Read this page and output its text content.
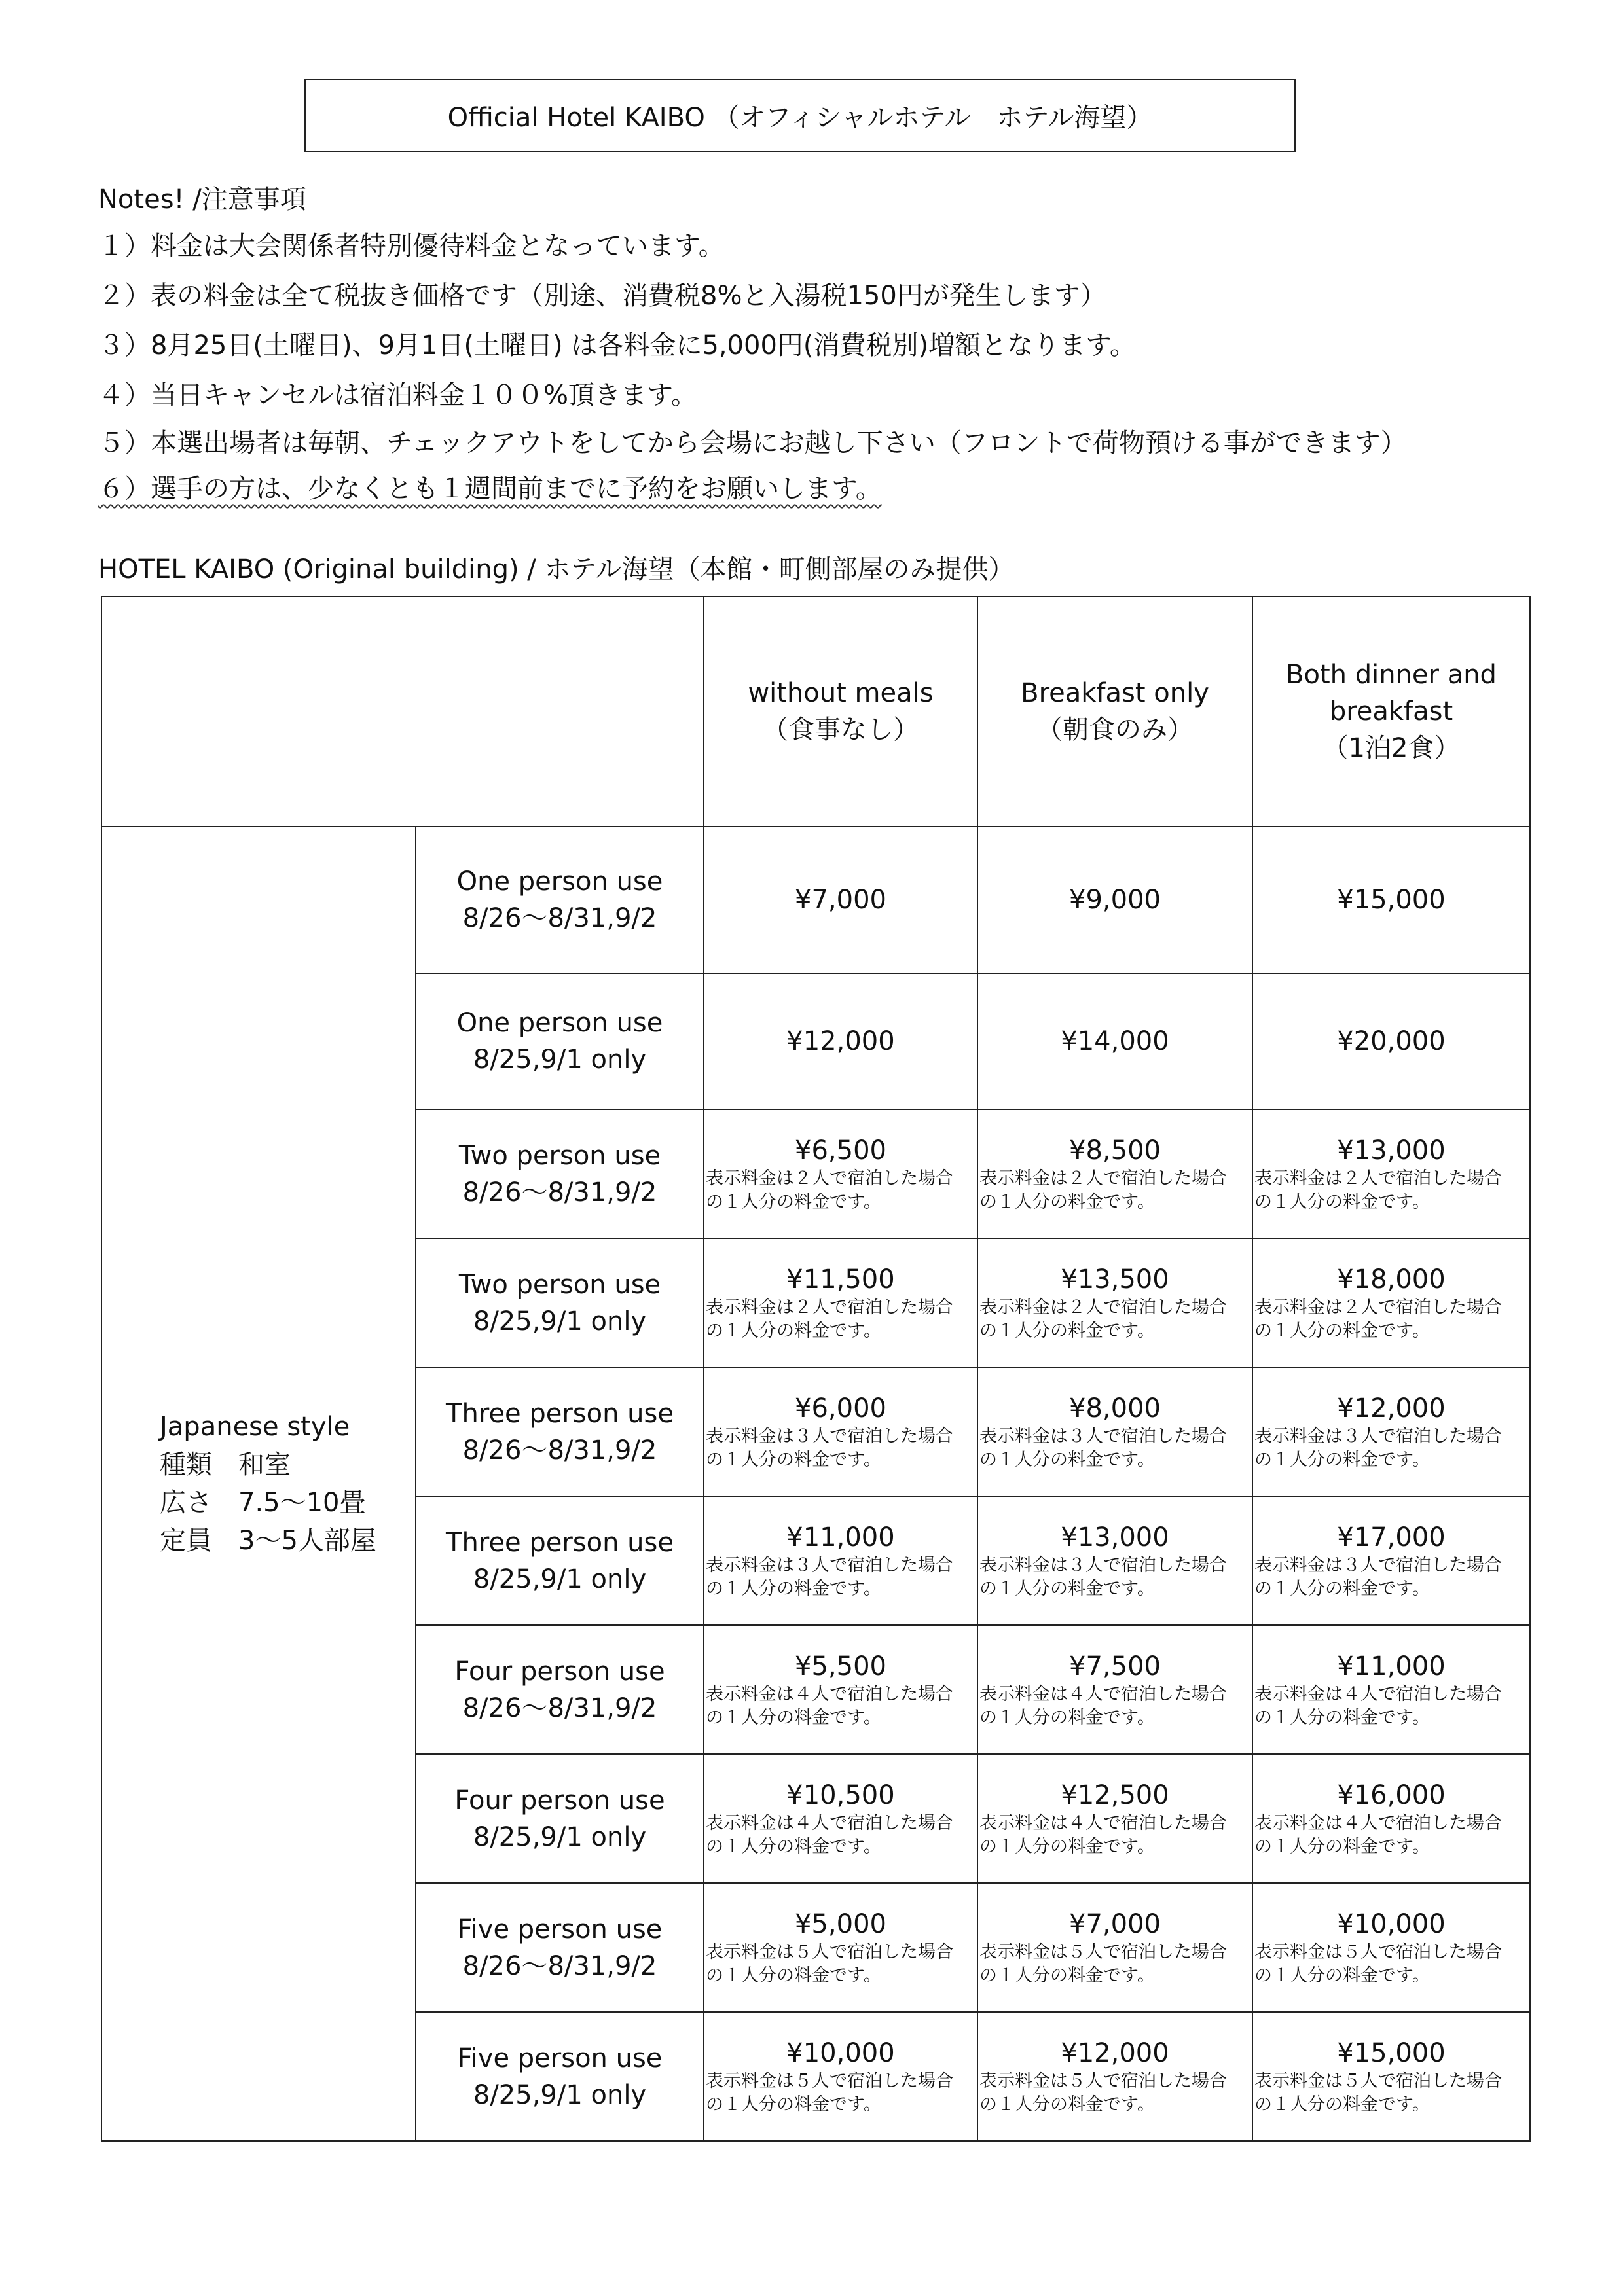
Official Hotel KAIBO （オフィシャルホテル　ホテル海望）
Notes! /注意事項
１）料金は大会関係者特別優待料金となっています。
２）表の料金は全て税抜き価格です（別途、消費税8%と入湯税150円が発生します）
３）8月25日(土曜日)、9月1日(土曜日) は各料金に5,000円(消費税別)増額となります。
４）当日キャンセルは宿泊料金１００%頂きます。
５）本選出場者は毎朝、チェックアウトをしてから会場にお越し下さい（フロントで荷物預ける事ができます）
６）選手の方は、少なくとも１週間前までに予約をお願いします。
HOTEL KAIBO (Original building) / ホテル海望（本館・町側部屋のみ提供）

		without meals
（食事なし）	Breakfast only
（朝食のみ）	Both dinner and
breakfast
（1泊2食）

Japanese style
種類　和室
広さ　7.5〜10畳
定員　3〜5人部屋	One person use
8/26〜8/31,9/2	¥7,000	¥9,000	¥15,000

	One person use
8/25,9/1 only	¥12,000	¥14,000	¥20,000

	Two person use
8/26〜8/31,9/2	¥6,500
表示料金は２人で宿泊した場合
の１人分の料金です。	¥8,500
表示料金は２人で宿泊した場合
の１人分の料金です。	¥13,000
表示料金は２人で宿泊した場合
の１人分の料金です。

	Two person use
8/25,9/1 only	¥11,500
表示料金は２人で宿泊した場合
の１人分の料金です。	¥13,500
表示料金は２人で宿泊した場合
の１人分の料金です。	¥18,000
表示料金は２人で宿泊した場合
の１人分の料金です。

	Three person use
8/26〜8/31,9/2	¥6,000
表示料金は３人で宿泊した場合
の１人分の料金です。	¥8,000
表示料金は３人で宿泊した場合
の１人分の料金です。	¥12,000
表示料金は３人で宿泊した場合
の１人分の料金です。

	Three person use
8/25,9/1 only	¥11,000
表示料金は３人で宿泊した場合
の１人分の料金です。	¥13,000
表示料金は３人で宿泊した場合
の１人分の料金です。	¥17,000
表示料金は３人で宿泊した場合
の１人分の料金です。

	Four person use
8/26〜8/31,9/2	¥5,500
表示料金は４人で宿泊した場合
の１人分の料金です。	¥7,500
表示料金は４人で宿泊した場合
の１人分の料金です。	¥11,000
表示料金は４人で宿泊した場合
の１人分の料金です。

	Four person use
8/25,9/1 only	¥10,500
表示料金は４人で宿泊した場合
の１人分の料金です。	¥12,500
表示料金は４人で宿泊した場合
の１人分の料金です。	¥16,000
表示料金は４人で宿泊した場合
の１人分の料金です。

	Five person use
8/26〜8/31,9/2	¥5,000
表示料金は５人で宿泊した場合
の１人分の料金です。	¥7,000
表示料金は５人で宿泊した場合
の１人分の料金です。	¥10,000
表示料金は５人で宿泊した場合
の１人分の料金です。

	Five person use
8/25,9/1 only	¥10,000
表示料金は５人で宿泊した場合
の１人分の料金です。	¥12,000
表示料金は５人で宿泊した場合
の１人分の料金です。	¥15,000
表示料金は５人で宿泊した場合
の１人分の料金です。
